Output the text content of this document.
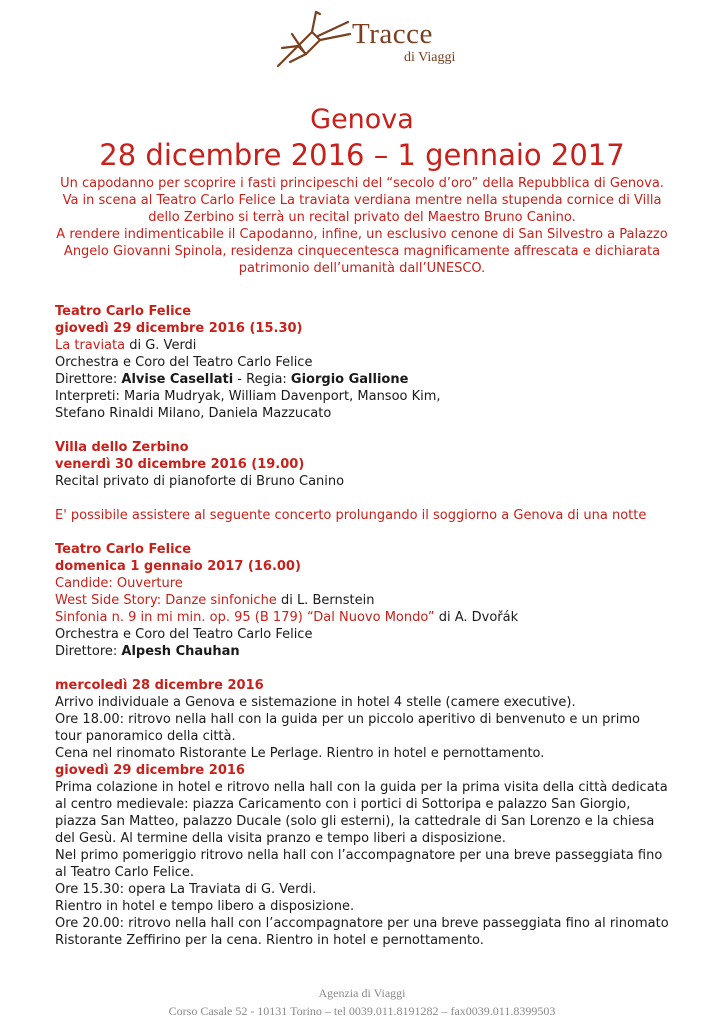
Tracce
di Viaggi
Genova
28 dicembre 2016 – 1 gennaio 2017
Un capodanno per scoprire i fasti principeschi del “secolo d’oro” della Repubblica di Genova.
Va in scena al Teatro Carlo Felice La traviata verdiana mentre nella stupenda cornice di Villa
dello Zerbino si terrà un recital privato del Maestro Bruno Canino.
A rendere indimenticabile il Capodanno, infine, un esclusivo cenone di San Silvestro a Palazzo
Angelo Giovanni Spinola, residenza cinquecentesca magnificamente affrescata e dichiarata
patrimonio dell’umanità dall’UNESCO.
Teatro Carlo Felice
giovedì 29 dicembre 2016 (15.30)
La traviata di G. Verdi
Orchestra e Coro del Teatro Carlo Felice
Direttore: Alvise Casellati - Regia: Giorgio Gallione
Interpreti: Maria Mudryak, William Davenport, Mansoo Kim,
Stefano Rinaldi Milano, Daniela Mazzucato
Villa dello Zerbino
venerdì 30 dicembre 2016 (19.00)
Recital privato di pianoforte di Bruno Canino
E' possibile assistere al seguente concerto prolungando il soggiorno a Genova di una notte
Teatro Carlo Felice
domenica 1 gennaio 2017 (16.00)
Candide: Ouverture
West Side Story: Danze sinfoniche di L. Bernstein
Sinfonia n. 9 in mi min. op. 95 (B 179) “Dal Nuovo Mondo” di A. Dvořák
Orchestra e Coro del Teatro Carlo Felice
Direttore: Alpesh Chauhan
mercoledì 28 dicembre 2016
Arrivo individuale a Genova e sistemazione in hotel 4 stelle (camere executive).
Ore 18.00: ritrovo nella hall con la guida per un piccolo aperitivo di benvenuto e un primo
tour panoramico della città.
Cena nel rinomato Ristorante Le Perlage. Rientro in hotel e pernottamento.
giovedì 29 dicembre 2016
Prima colazione in hotel e ritrovo nella hall con la guida per la prima visita della città dedicata
al centro medievale: piazza Caricamento con i portici di Sottoripa e palazzo San Giorgio,
piazza San Matteo, palazzo Ducale (solo gli esterni), la cattedrale di San Lorenzo e la chiesa
del Gesù. Al termine della visita pranzo e tempo liberi a disposizione.
Nel primo pomeriggio ritrovo nella hall con l’accompagnatore per una breve passeggiata fino
al Teatro Carlo Felice.
Ore 15.30: opera La Traviata di G. Verdi.
Rientro in hotel e tempo libero a disposizione.
Ore 20.00: ritrovo nella hall con l’accompagnatore per una breve passeggiata fino al rinomato
Ristorante Zeffirino per la cena. Rientro in hotel e pernottamento.
Agenzia di Viaggi
Corso Casale 52 - 10131 Torino – tel 0039.011.8191282 – fax0039.011.8399503
